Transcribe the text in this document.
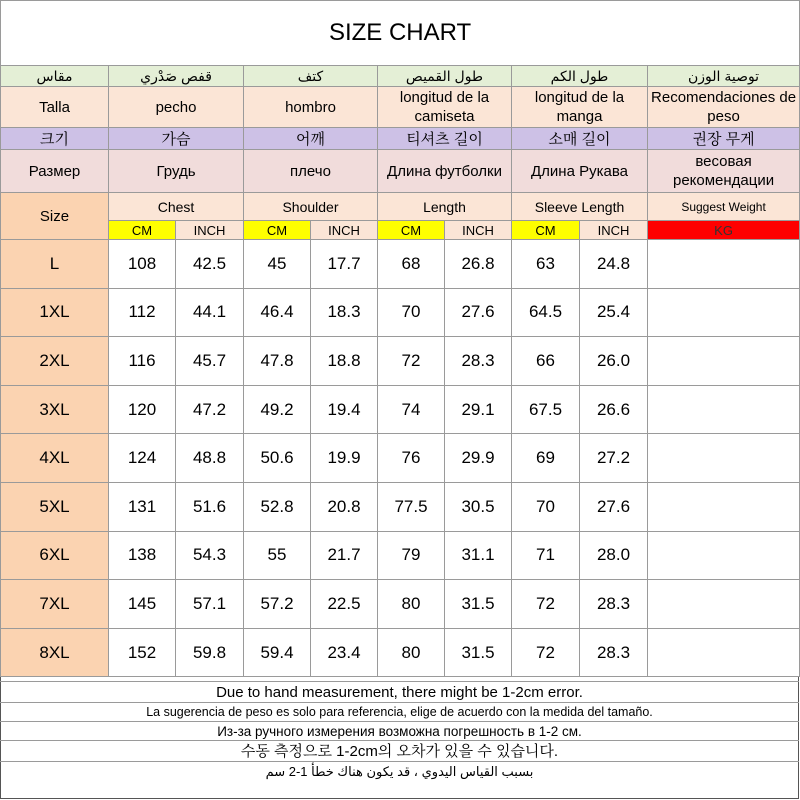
SIZE CHART									
مقاس	قفص صَدْري		كتف		طول القميص		طول الكم		توصية الوزن
Talla	pecho		hombro		longitud de la camiseta		longitud de la manga		Recomendaciones de peso
크기	가슴		어깨		티셔츠 길이		소매 길이		권장 무게
Размер	Грудь		плечо		Длина футболки		Длина Рукава		весовая рекомендации
Size	Chest		Shoulder		Length		Sleeve Length		Suggest Weight
	CM	INCH	CM	INCH	CM	INCH	CM	INCH	KG
L	108	42.5	45	17.7	68	26.8	63	24.8	
1XL	112	44.1	46.4	18.3	70	27.6	64.5	25.4	
2XL	116	45.7	47.8	18.8	72	28.3	66	26.0	
3XL	120	47.2	49.2	19.4	74	29.1	67.5	26.6	
4XL	124	48.8	50.6	19.9	76	29.9	69	27.2	
5XL	131	51.6	52.8	20.8	77.5	30.5	70	27.6	
6XL	138	54.3	55	21.7	79	31.1	71	28.0	
7XL	145	57.1	57.2	22.5	80	31.5	72	28.3	
8XL	152	59.8	59.4	23.4	80	31.5	72	28.3	
Due to hand measurement, there might be 1-2cm error.
La sugerencia de peso es solo para referencia, elige de acuerdo con la medida del tamaño.
Из-за ручного измерения возможна погрешность в 1-2 см.
수동 측정으로 1-2cm의 오차가 있을 수 있습니다.
بسبب القياس اليدوي ، قد يكون هناك خطأ 1-2 سم
